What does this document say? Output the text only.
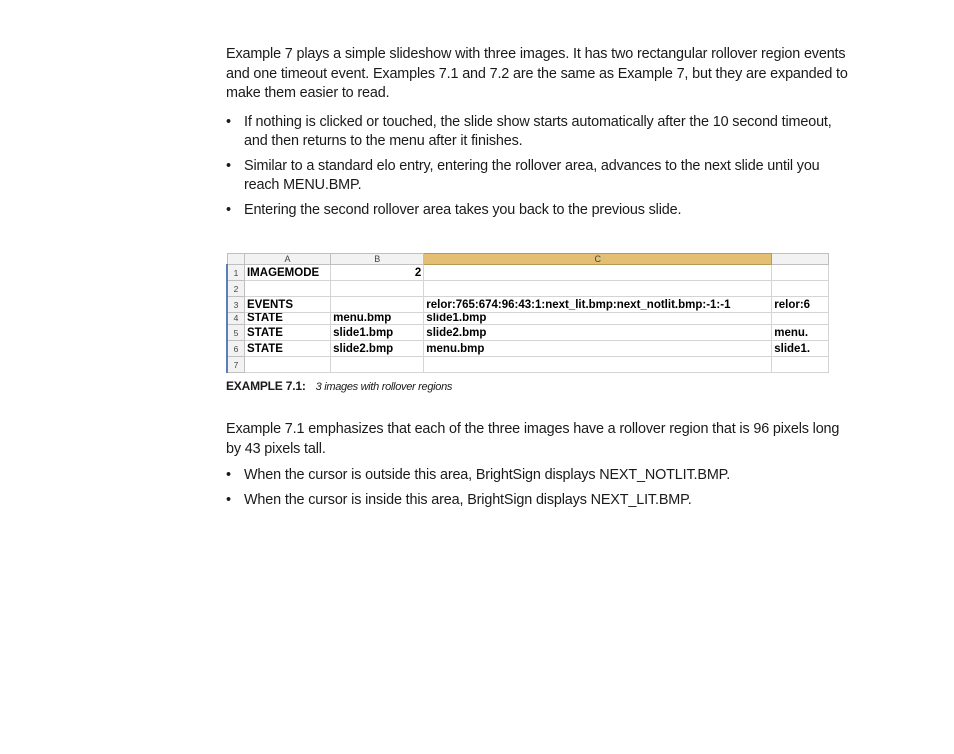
Example 7 plays a simple slideshow with three images. It has two rectangular rollover region events and one timeout event. Examples 7.1 and 7.2 are the same as Example 7, but they are expanded to make them easier to read.

• If nothing is clicked or touched, the slide show starts automatically after the 10 second timeout, and then returns to the menu after it finishes.
• Similar to a standard elo entry, entering the rollover area, advances to the next slide until you reach MENU.BMP.
• Entering the second rollover area takes you back to the previous slide.
	A	B	C	
1	IMAGEMODE	2		
2				
3	EVENTS		relor:765:674:96:43:1:next_lit.bmp:next_notlit.bmp:-1:-1	relor:6
4	STATE	menu.bmp	slide1.bmp	
5	STATE	slide1.bmp	slide2.bmp	menu.
6	STATE	slide2.bmp	menu.bmp	slide1.
7				
EXAMPLE 7.1: 3 images with rollover regions

Example 7.1 emphasizes that each of the three images have a rollover region that is 96 pixels long by 43 pixels tall.

• When the cursor is outside this area, BrightSign displays NEXT_NOTLIT.BMP.
• When the cursor is inside this area, BrightSign displays NEXT_LIT.BMP.
